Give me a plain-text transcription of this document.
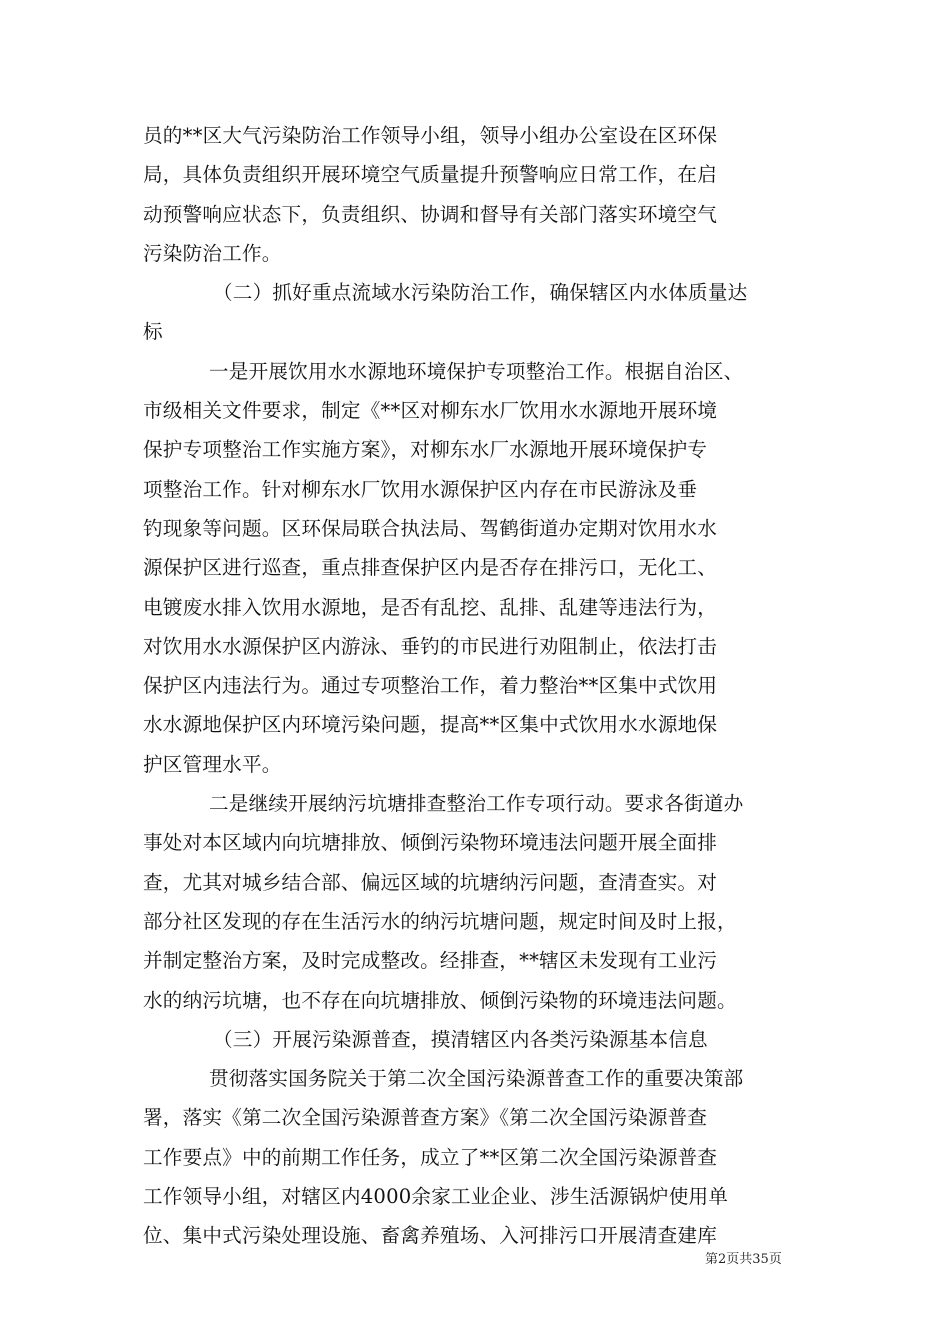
员的**区大气污染防治工作领导小组，领导小组办公室设在区环保
局，具体负责组织开展环境空气质量提升预警响应日常工作，在启
动预警响应状态下，负责组织、协调和督导有关部门落实环境空气
污染防治工作。
（二）抓好重点流域水污染防治工作，确保辖区内水体质量达
标
一是开展饮用水水源地环境保护专项整治工作。根据自治区、
市级相关文件要求，制定《**区对柳东水厂饮用水水源地开展环境
保护专项整治工作实施方案》，对柳东水厂水源地开展环境保护专
项整治工作。针对柳东水厂饮用水源保护区内存在市民游泳及垂
钓现象等问题。区环保局联合执法局、驾鹤街道办定期对饮用水水
源保护区进行巡查，重点排查保护区内是否存在排污口，无化工、
电镀废水排入饮用水源地，是否有乱挖、乱排、乱建等违法行为，
对饮用水水源保护区内游泳、垂钓的市民进行劝阻制止，依法打击
保护区内违法行为。通过专项整治工作，着力整治**区集中式饮用
水水源地保护区内环境污染问题，提高**区集中式饮用水水源地保
护区管理水平。
二是继续开展纳污坑塘排查整治工作专项行动。要求各街道办
事处对本区域内向坑塘排放、倾倒污染物环境违法问题开展全面排
查，尤其对城乡结合部、偏远区域的坑塘纳污问题，查清查实。对
部分社区发现的存在生活污水的纳污坑塘问题，规定时间及时上报，
并制定整治方案，及时完成整改。经排查，**辖区未发现有工业污
水的纳污坑塘，也不存在向坑塘排放、倾倒污染物的环境违法问题。
（三）开展污染源普查，摸清辖区内各类污染源基本信息
贯彻落实国务院关于第二次全国污染源普查工作的重要决策部
署，落实《第二次全国污染源普查方案》《第二次全国污染源普查
工作要点》中的前期工作任务，成立了**区第二次全国污染源普查
工作领导小组，对辖区内4000余家工业企业、涉生活源锅炉使用单
位、集中式污染处理设施、畜禽养殖场、入河排污口开展清查建库
第2页共35页
